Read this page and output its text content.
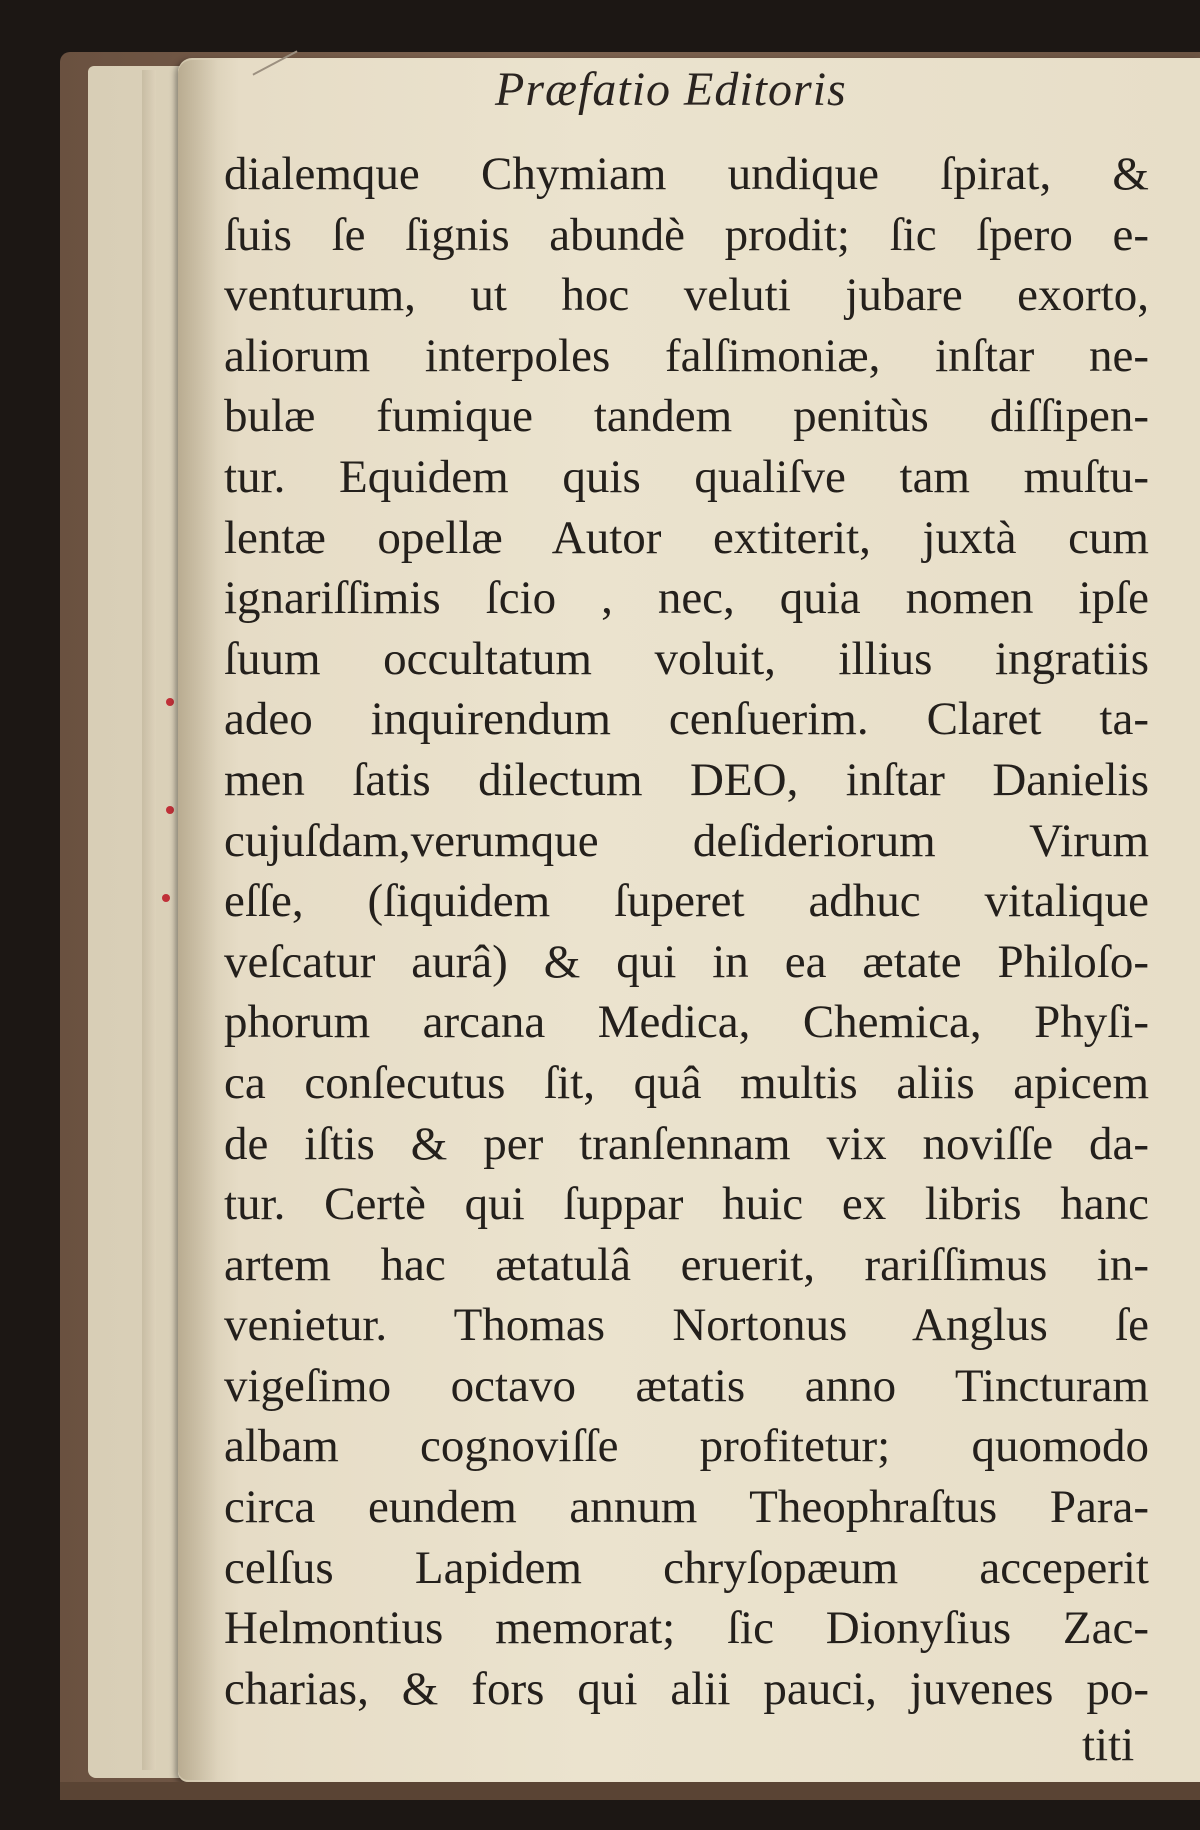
Præfatio Editoris
dialemque Chymiam undique ſpirat, &
ſuis ſe ſignis abundè prodit; ſic ſpero e-
venturum, ut hoc veluti jubare exorto,
aliorum interpoles falſimoniæ, inſtar ne-
bulæ fumique tandem penitùs diſſipen-
tur. Equidem quis qualiſve tam muſtu-
lentæ opellæ Autor extiterit, juxtà cum
ignariſſimis ſcio , nec, quia nomen ipſe
ſuum occultatum voluit, illius ingratiis
adeo inquirendum cenſuerim. Claret ta-
men ſatis dilectum DEO, inſtar Danielis
cujuſdam,verumque deſideriorum Virum
eſſe, (ſiquidem ſuperet adhuc vitalique
veſcatur aurâ) & qui in ea ætate Philoſo-
phorum arcana Medica, Chemica, Phyſi-
ca conſecutus ſit, quâ multis aliis apicem
de iſtis & per tranſennam vix noviſſe da-
tur. Certè qui ſuppar huic ex libris hanc
artem hac ætatulâ eruerit, rariſſimus in-
venietur. Thomas Nortonus Anglus ſe
vigeſimo octavo ætatis anno Tincturam
albam cognoviſſe profitetur; quomodo
circa eundem annum Theophraſtus Para-
celſus Lapidem chryſopæum acceperit
Helmontius memorat; ſic Dionyſius Zac-
charias, & fors qui alii pauci, juvenes po-
titi
